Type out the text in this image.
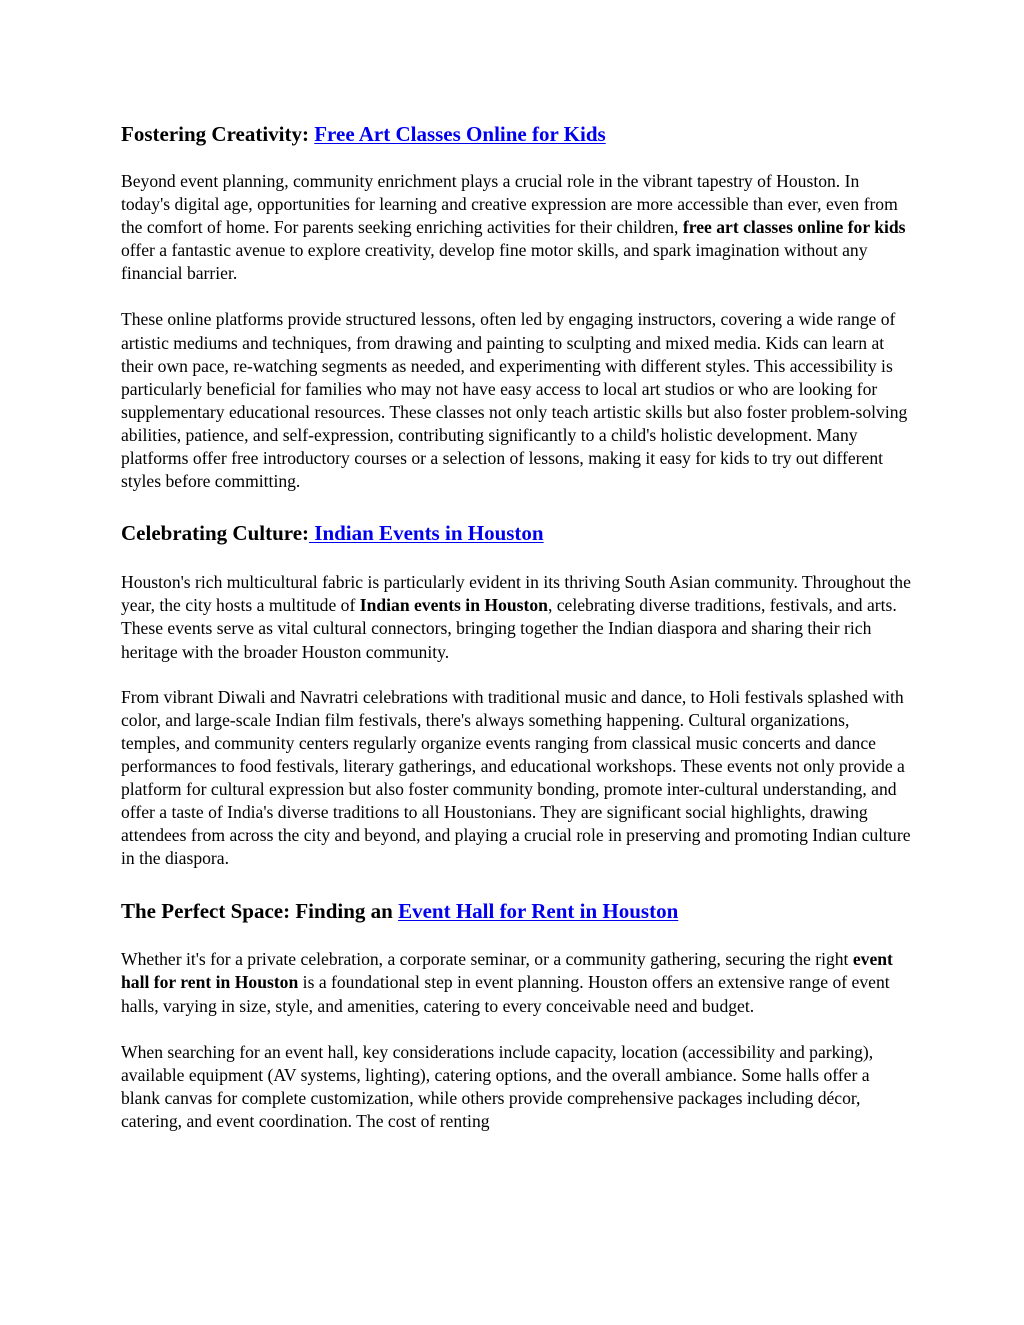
Fostering Creativity: Free Art Classes Online for Kids

Beyond event planning, community enrichment plays a crucial role in the vibrant tapestry of Houston. In today's digital age, opportunities for learning and creative expression are more accessible than ever, even from the comfort of home. For parents seeking enriching activities for their children, free art classes online for kids offer a fantastic avenue to explore creativity, develop fine motor skills, and spark imagination without any financial barrier.

These online platforms provide structured lessons, often led by engaging instructors, covering a wide range of artistic mediums and techniques, from drawing and painting to sculpting and mixed media. Kids can learn at their own pace, re-watching segments as needed, and experimenting with different styles. This accessibility is particularly beneficial for families who may not have easy access to local art studios or who are looking for supplementary educational resources. These classes not only teach artistic skills but also foster problem-solving abilities, patience, and self-expression, contributing significantly to a child's holistic development. Many platforms offer free introductory courses or a selection of lessons, making it easy for kids to try out different styles before committing.

Celebrating Culture: Indian Events in Houston

Houston's rich multicultural fabric is particularly evident in its thriving South Asian community. Throughout the year, the city hosts a multitude of Indian events in Houston, celebrating diverse traditions, festivals, and arts. These events serve as vital cultural connectors, bringing together the Indian diaspora and sharing their rich heritage with the broader Houston community.

From vibrant Diwali and Navratri celebrations with traditional music and dance, to Holi festivals splashed with color, and large-scale Indian film festivals, there's always something happening. Cultural organizations, temples, and community centers regularly organize events ranging from classical music concerts and dance performances to food festivals, literary gatherings, and educational workshops. These events not only provide a platform for cultural expression but also foster community bonding, promote inter-cultural understanding, and offer a taste of India's diverse traditions to all Houstonians. They are significant social highlights, drawing attendees from across the city and beyond, and playing a crucial role in preserving and promoting Indian culture in the diaspora.

The Perfect Space: Finding an Event Hall for Rent in Houston

Whether it's for a private celebration, a corporate seminar, or a community gathering, securing the right event hall for rent in Houston is a foundational step in event planning. Houston offers an extensive range of event halls, varying in size, style, and amenities, catering to every conceivable need and budget.

When searching for an event hall, key considerations include capacity, location (accessibility and parking), available equipment (AV systems, lighting), catering options, and the overall ambiance. Some halls offer a blank canvas for complete customization, while others provide comprehensive packages including décor, catering, and event coordination. The cost of renting
